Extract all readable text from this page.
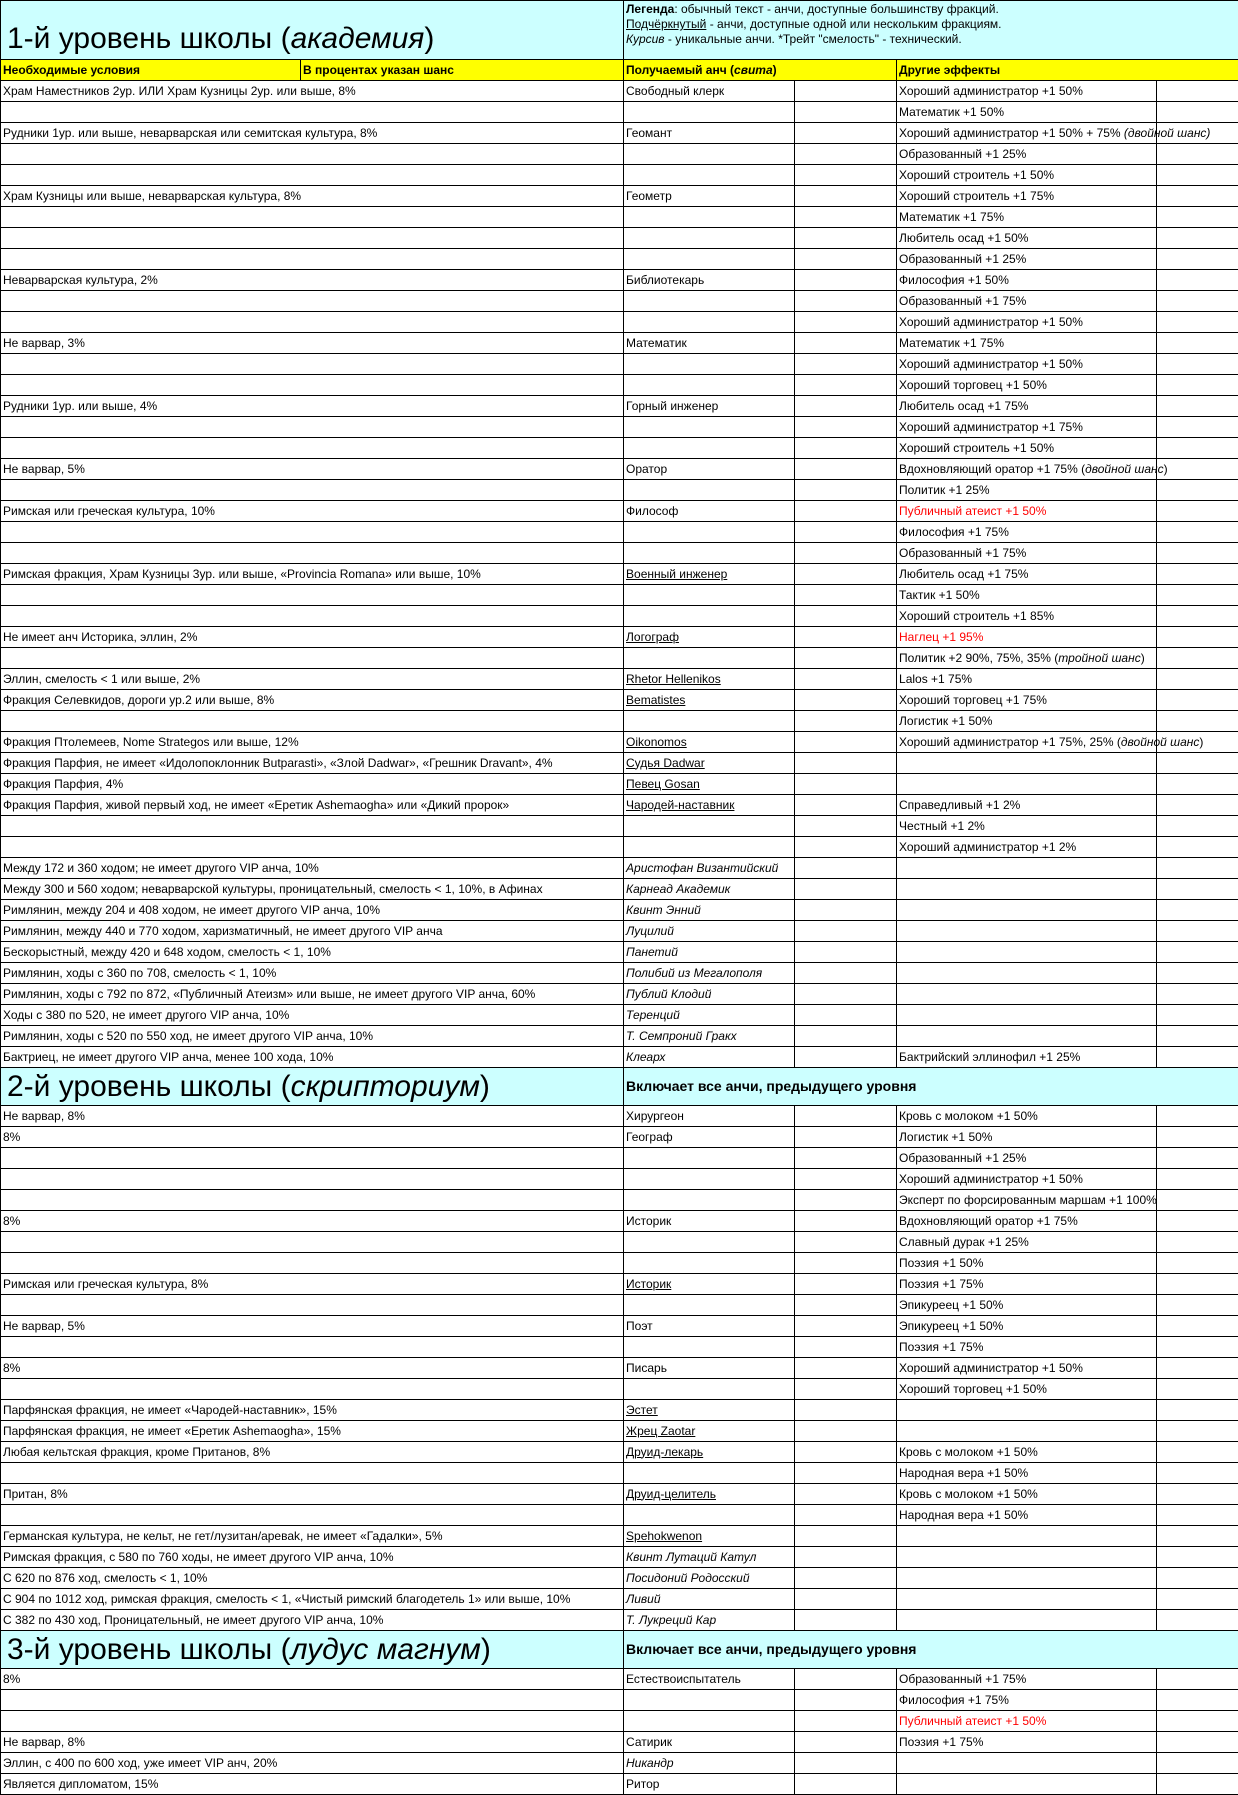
1-й уровень школы (академия)		Легенда: обычный текст - анчи, доступные большинству фракций.
Подчёркнутый - анчи, доступные одной или нескольким фракциям.
Курсив - уникальные анчи. *Трейт "смелость" - технический.			

Необходимые условия	В процентах указан шанс	Получаемый анч (свита)		Другие эффекты	
Храм Наместников 2ур. ИЛИ Храм Кузницы 2ур. или выше, 8%		Свободный клерк		Хороший администратор +1 50%	
				Математик +1 50%	
Рудники 1ур. или выше, неварварская или семитская культура, 8%		Геомант		Хороший администратор +1 50% + 75% (двойной шанс)	
				Образованный +1 25%	
				Хороший строитель +1 50%	
Храм Кузницы или выше, неварварская культура, 8%		Геометр		Хороший строитель +1 75%	
				Математик +1 75%	
				Любитель осад +1 50%	
				Образованный +1 25%	
Неварварская культура, 2%		Библиотекарь		Философия +1 50%	
				Образованный +1 75%	
				Хороший администратор +1 50%	
Не варвар, 3%		Математик		Математик +1 75%	
				Хороший администратор +1 50%	
				Хороший торговец +1 50%	
Рудники 1ур. или выше, 4%		Горный инженер		Любитель осад +1 75%	
				Хороший администратор +1 75%	
				Хороший строитель +1 50%	
Не варвар, 5%		Оратор		Вдохновляющий оратор +1 75% (двойной шанс)	
				Политик +1 25%	
Римская или греческая культура, 10%		Философ		Публичный атеист +1 50%	
				Философия +1 75%	
				Образованный +1 75%	
Римская фракция, Храм Кузницы 3ур. или выше, «Provincia Romana» или выше, 10%		Военный инженер		Любитель осад +1 75%	
				Тактик +1 50%	
				Хороший строитель +1 85%	
Не имеет анч Историка, эллин, 2%		Логограф		Наглец +1 95%	
				Политик +2 90%, 75%, 35% (тройной шанс)	
Эллин, смелость < 1 или выше, 2%		Rhetor Hellenikos		Lalos +1 75%	
Фракция Селевкидов, дороги ур.2 или выше, 8%		Bematistes		Хороший торговец +1 75%	
				Логистик +1 50%	
Фракция Птолемеев, Nome Strategos или выше, 12%		Oikonomos		Хороший администратор +1 75%, 25% (двойной шанс)	
Фракция Парфия, не имеет «Идолопоклонник Butparasti», «Злой Dadwar», «Грешник Dravant», 4%		Судья Dadwar			
Фракция Парфия, 4%		Певец Gosan			
Фракция Парфия, живой первый ход, не имеет «Еретик Ashemaogha» или «Дикий пророк»		Чародей-наставник		Справедливый +1 2%	
				Честный +1 2%	
				Хороший администратор +1 2%	
Между 172 и 360 ходом; не имеет другого VIP анча, 10%		Аристофан Византийский			
Между 300 и 560 ходом; неварварской культуры, проницательный, смелость < 1, 10%, в Афинах		Карнеад Академик			
Римлянин, между 204 и 408 ходом, не имеет другого VIP анча, 10%		Квинт Энний			
Римлянин, между 440 и 770 ходом, харизматичный, не имеет другого VIP анча		Луцилий			
Бескорыстный, между 420 и 648 ходом, смелость < 1, 10%		Панетий			
Римлянин, ходы с 360 по 708, смелость < 1, 10%		Полибий из Мегалополя			
Римлянин, ходы с 792 по 872, «Публичный Атеизм» или выше, не имеет другого VIP анча, 60%		Публий Клодий			
Ходы с 380 по 520, не имеет другого VIP анча, 10%		Теренций			
Римлянин, ходы с 520 по 550 ход, не имеет другого VIP анча, 10%		Т. Семпроний Гракх			
Бактриец, не имеет другого VIP анча, менее 100 хода, 10%		Клеарх		Бактрийский эллинофил +1 25%	
2-й уровень школы (скрипториум)		Включает все анчи, предыдущего уровня			
Не варвар, 8%		Хирургеон		Кровь с молоком +1 50%	
8%		Географ		Логистик +1 50%	
				Образованный +1 25%	
				Хороший администратор +1 50%	
				Эксперт по форсированным маршам +1 100%	
8%		Историк		Вдохновляющий оратор +1 75%	
				Славный дурак +1 25%	
				Поэзия +1 50%	
Римская или греческая культура, 8%		Историк		Поэзия +1 75%	
				Эпикуреец +1 50%	
Не варвар, 5%		Поэт		Эпикуреец +1 50%	
				Поэзия +1 75%	
8%		Писарь		Хороший администратор +1 50%	
				Хороший торговец +1 50%	
Парфянская фракция, не имеет «Чародей-наставник», 15%		Эстет			
Парфянская фракция, не имеет «Еретик Ashemaogha», 15%		Жрец Zaotar			
Любая кельтская фракция, кроме Пританов, 8%		Друид-лекарь		Кровь с молоком +1 50%	
				Народная вера +1 50%	
Притан, 8%		Друид-целитель		Кровь с молоком +1 50%	
				Народная вера +1 50%	
Германская культура, не кельт, не гет/лузитан/ареваk, не имеет «Гадалки», 5%		Spehokwenon			
Римская фракция, с 580 по 760 ходы, не имеет другого VIP анча, 10%		Квинт Лутаций Катул			
С 620 по 876 ход, смелость < 1, 10%		Посидоний Родосский			
С 904 по 1012 ход, римская фракция, смелость < 1, «Чистый римский благодетель 1» или выше, 10%		Ливий			
С 382 по 430 ход, Проницательный, не имеет другого VIP анча, 10%		Т. Лукреций Кар			
3-й уровень школы (лудус магнум)		Включает все анчи, предыдущего уровня			
8%		Естествоиспытатель		Образованный +1 75%	
				Философия +1 75%	
				Публичный атеист +1 50%	
Не варвар, 8%		Сатирик		Поэзия +1 75%	
Эллин, с 400 по 600 ход, уже имеет VIP анч, 20%		Никандр			
Является дипломатом, 15%		Ритор			
